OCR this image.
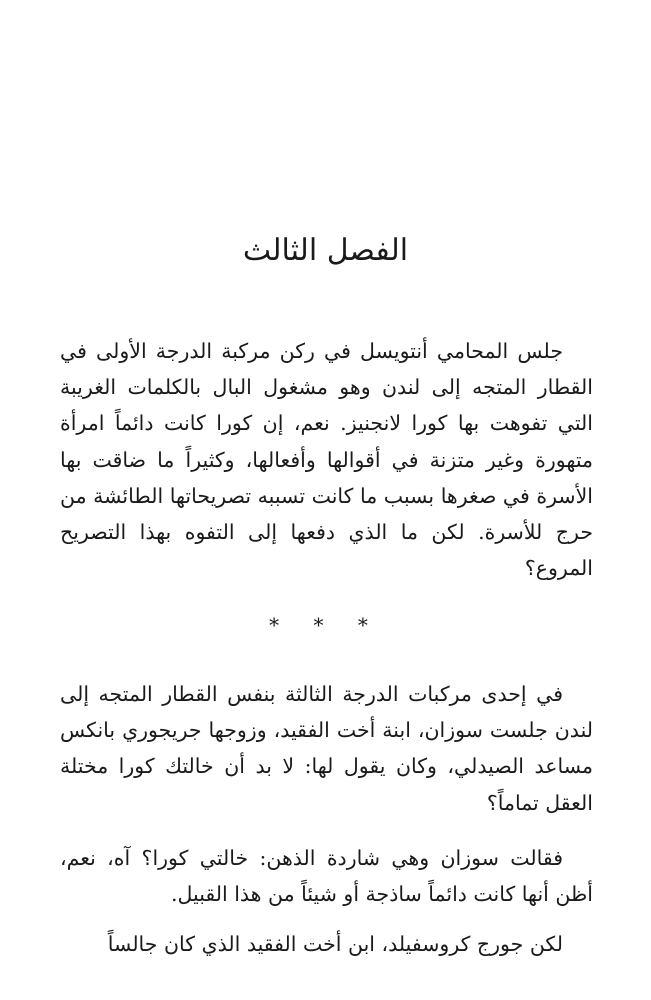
الفصل الثالث

جلس المحامي أنتويسل في ركن مركبة الدرجة الأولى في القطار المتجه إلى لندن وهو مشغول البال بالكلمات الغريبة التي تفوهت بها كورا لانجنيز. نعم، إن كورا كانت دائماً امرأة متهورة وغير متزنة في أقوالها وأفعالها، وكثيراً ما ضاقت بها الأسرة في صغرها بسبب ما كانت تسببه تصريحاتها الطائشة من حرج للأسرة. لكن ما الذي دفعها إلى التفوه بهذا التصريح المروع؟

* * *

في إحدى مركبات الدرجة الثالثة بنفس القطار المتجه إلى لندن جلست سوزان، ابنة أخت الفقيد، وزوجها جريجوري بانكس مساعد الصيدلي، وكان يقول لها: لا بد أن خالتك كورا مختلة العقل تماماً؟

فقالت سوزان وهي شاردة الذهن: خالتي كورا؟ آه، نعم، أظن أنها كانت دائماً ساذجة أو شيئاً من هذا القبيل.

لكن جورج كروسفيلد، ابن أخت الفقيد الذي كان جالساً
